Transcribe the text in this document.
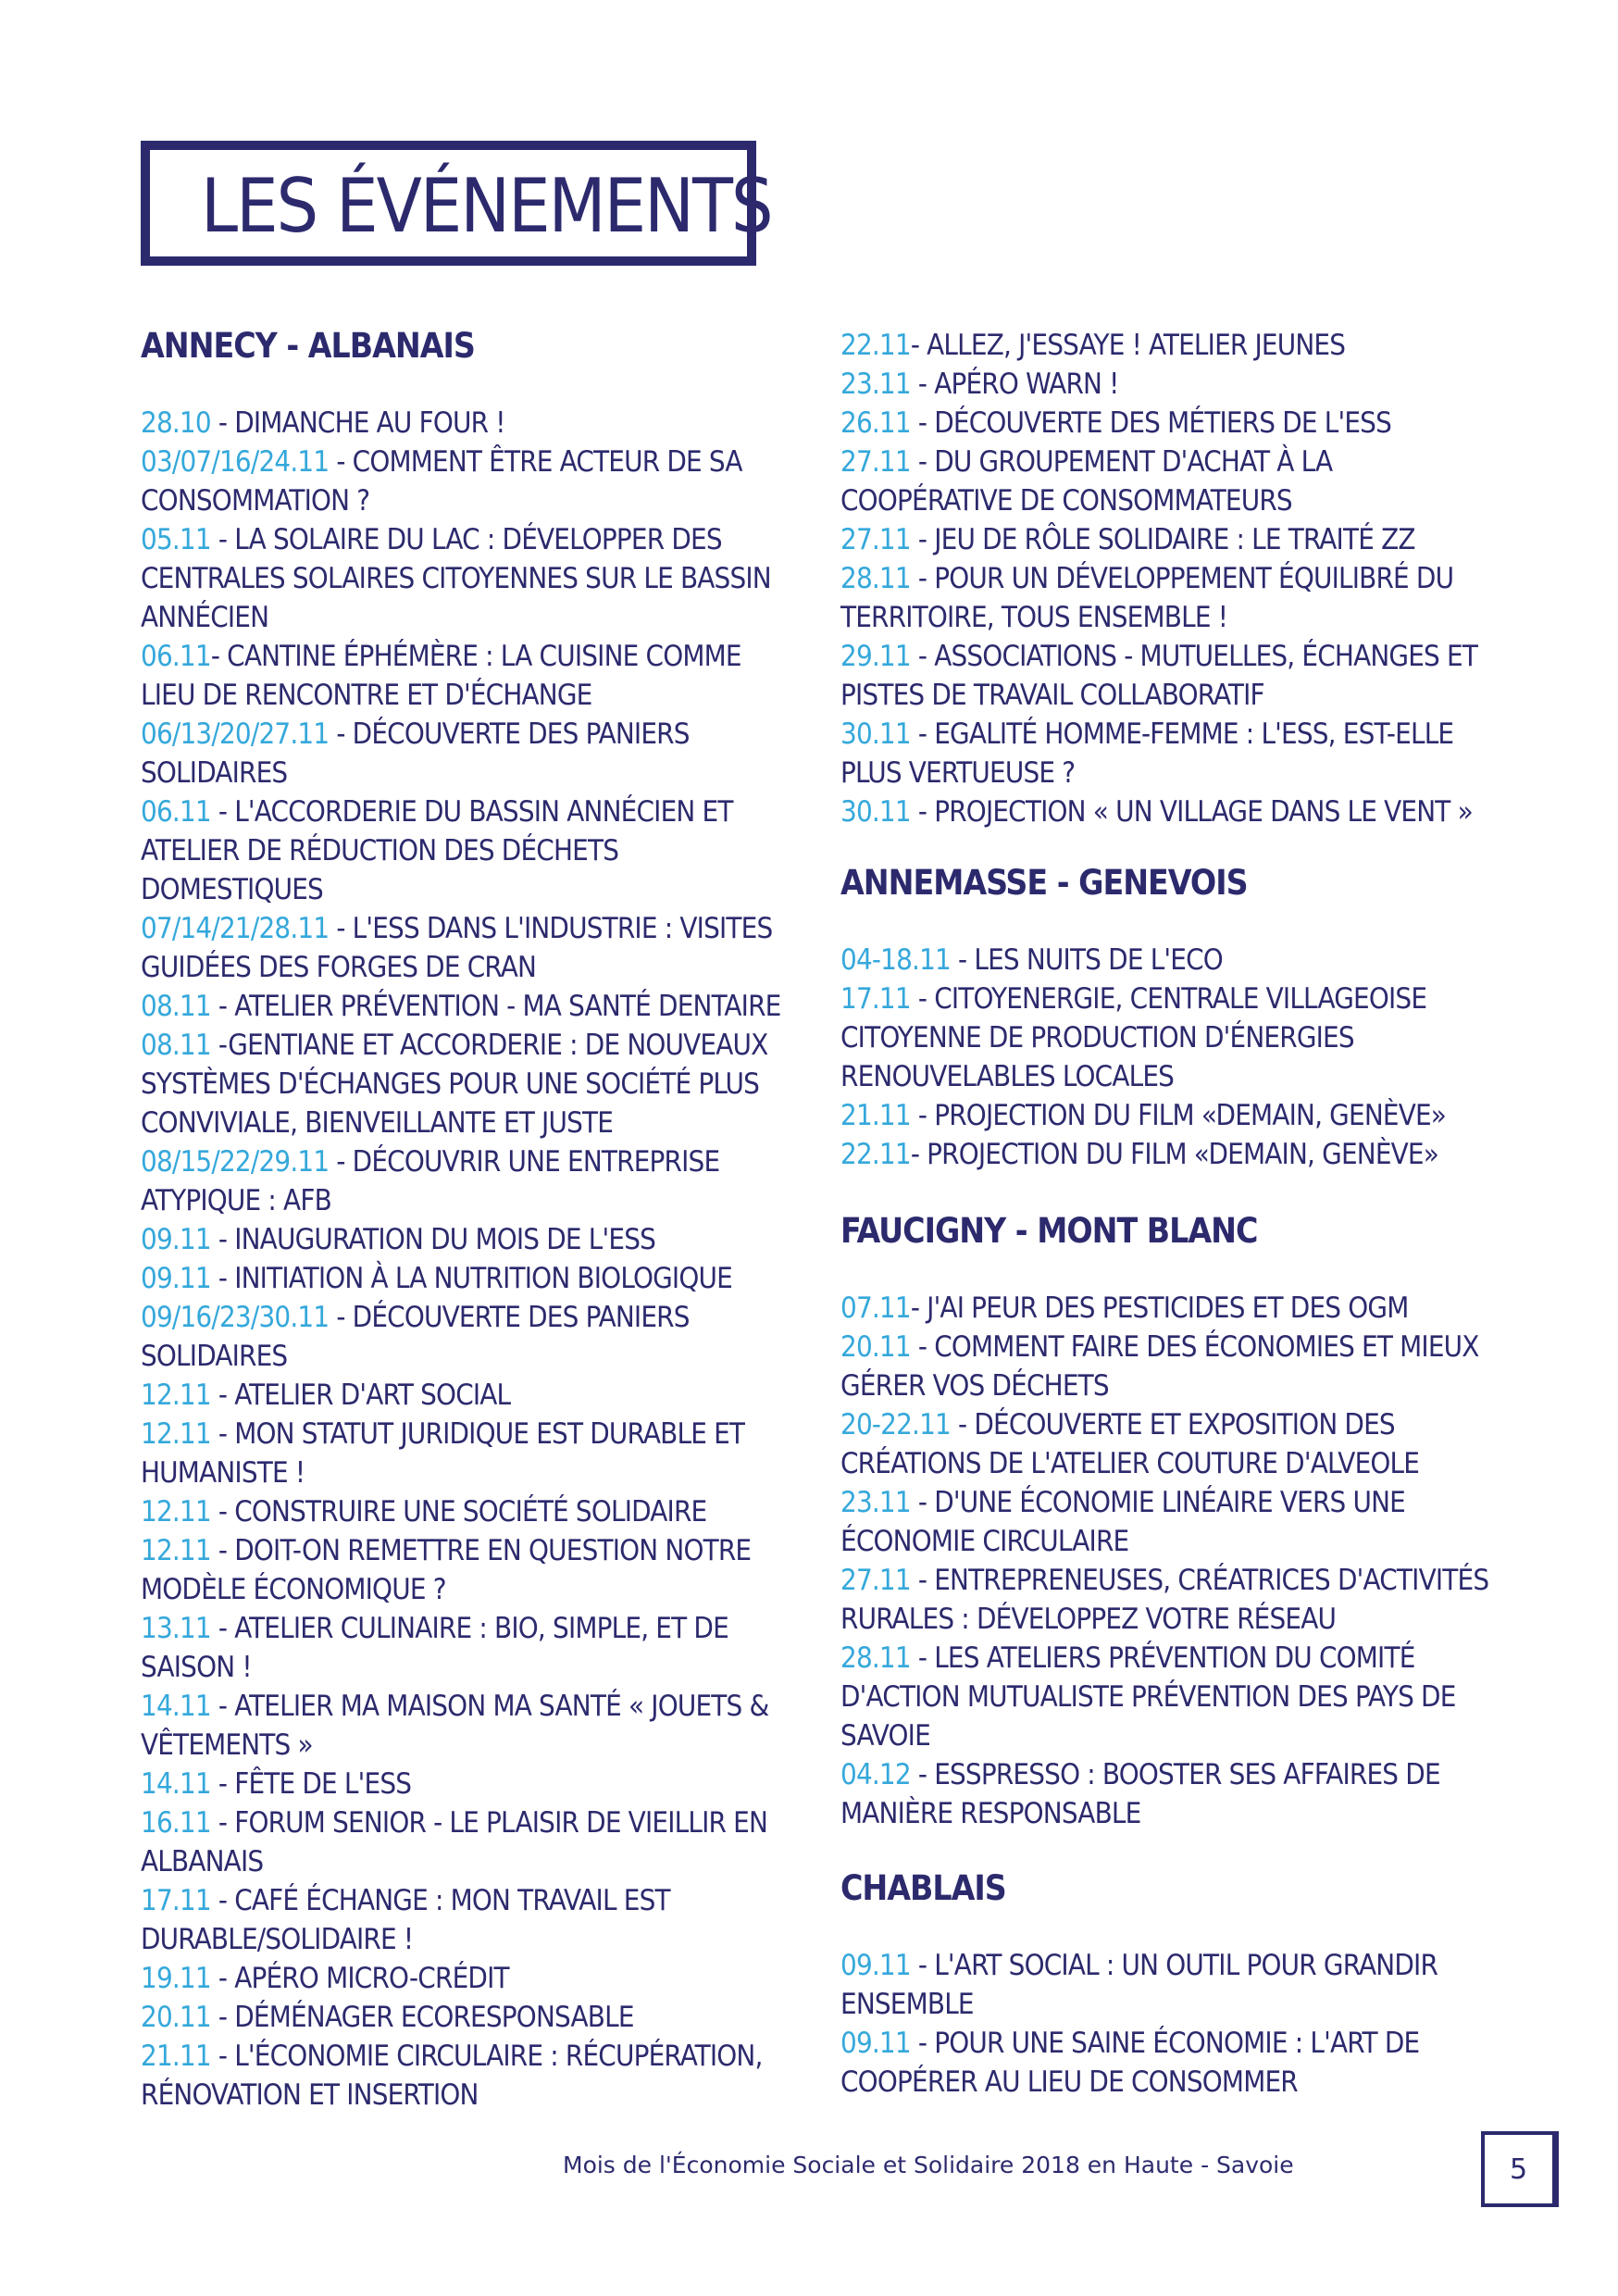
LES ÉVÉNEMENTS
ANNECY - ALBANAIS
28.10 - DIMANCHE AU FOUR !
03/07/16/24.11 - COMMENT ÊTRE ACTEUR DE SA CONSOMMATION ?
05.11 - LA SOLAIRE DU LAC : DÉVELOPPER DES CENTRALES SOLAIRES CITOYENNES SUR LE BASSIN ANNÉCIEN
06.11- CANTINE ÉPHÉMÈRE : LA CUISINE COMME LIEU DE RENCONTRE ET D'ÉCHANGE
06/13/20/27.11 - DÉCOUVERTE DES PANIERS SOLIDAIRES
06.11 - L'ACCORDERIE DU BASSIN ANNÉCIEN ET ATELIER DE RÉDUCTION DES DÉCHETS DOMESTIQUES
07/14/21/28.11 - L'ESS DANS L'INDUSTRIE : VISITES GUIDÉES DES FORGES DE CRAN
08.11 - ATELIER PRÉVENTION - MA SANTÉ DENTAIRE
08.11 -GENTIANE ET ACCORDERIE : DE NOUVEAUX SYSTÈMES D'ÉCHANGES POUR UNE SOCIÉTÉ PLUS CONVIVIALE, BIENVEILLANTE ET JUSTE
08/15/22/29.11 - DÉCOUVRIR UNE ENTREPRISE ATYPIQUE : AFB
09.11 - INAUGURATION DU MOIS DE L'ESS
09.11 - INITIATION À LA NUTRITION BIOLOGIQUE
09/16/23/30.11 - DÉCOUVERTE DES PANIERS SOLIDAIRES
12.11 - ATELIER D'ART SOCIAL
12.11 - MON STATUT JURIDIQUE EST DURABLE ET HUMANISTE !
12.11 - CONSTRUIRE UNE SOCIÉTÉ SOLIDAIRE
12.11 - DOIT-ON REMETTRE EN QUESTION NOTRE MODÈLE ÉCONOMIQUE ?
13.11 - ATELIER CULINAIRE : BIO, SIMPLE, ET DE SAISON !
14.11 - ATELIER MA MAISON MA SANTÉ « JOUETS & VÊTEMENTS »
14.11 - FÊTE DE L'ESS
16.11 - FORUM SENIOR - LE PLAISIR DE VIEILLIR EN ALBANAIS
17.11 - CAFÉ ÉCHANGE : MON TRAVAIL EST DURABLE/SOLIDAIRE !
19.11 - APÉRO MICRO-CRÉDIT
20.11 - DÉMÉNAGER ECORESPONSABLE
21.11 - L'ÉCONOMIE CIRCULAIRE : RÉCUPÉRATION, RÉNOVATION ET INSERTION
22.11- ALLEZ, J'ESSAYE ! ATELIER JEUNES
23.11 - APÉRO WARN !
26.11 - DÉCOUVERTE DES MÉTIERS DE L'ESS
27.11 - DU GROUPEMENT D'ACHAT À LA COOPÉRATIVE DE CONSOMMATEURS
27.11 - JEU DE RÔLE SOLIDAIRE : LE TRAITÉ ZZ
28.11 - POUR UN DÉVELOPPEMENT ÉQUILIBRÉ DU TERRITOIRE, TOUS ENSEMBLE !
29.11 - ASSOCIATIONS - MUTUELLES, ÉCHANGES ET PISTES DE TRAVAIL COLLABORATIF
30.11 - EGALITÉ HOMME-FEMME : L'ESS, EST-ELLE PLUS VERTUEUSE ?
30.11 - PROJECTION « UN VILLAGE DANS LE VENT »
ANNEMASSE - GENEVOIS
04-18.11 - LES NUITS DE L'ECO
17.11 - CITOYENERGIE, CENTRALE VILLAGEOISE CITOYENNE DE PRODUCTION D'ÉNERGIES RENOUVELABLES LOCALES
21.11 - PROJECTION DU FILM «DEMAIN, GENÈVE»
22.11- PROJECTION DU FILM «DEMAIN, GENÈVE»
FAUCIGNY - MONT BLANC
07.11- J'AI PEUR DES PESTICIDES ET DES OGM
20.11 - COMMENT FAIRE DES ÉCONOMIES ET MIEUX GÉRER VOS DÉCHETS
20-22.11 - DÉCOUVERTE ET EXPOSITION DES CRÉATIONS DE L'ATELIER COUTURE D'ALVEOLE
23.11 - D'UNE ÉCONOMIE LINÉAIRE VERS UNE ÉCONOMIE CIRCULAIRE
27.11 - ENTREPRENEUSES, CRÉATRICES D'ACTIVITÉS RURALES : DÉVELOPPEZ VOTRE RÉSEAU
28.11 - LES ATELIERS PRÉVENTION DU COMITÉ D'ACTION MUTUALISTE PRÉVENTION DES PAYS DE SAVOIE
04.12 - ESSPRESSO : BOOSTER SES AFFAIRES DE MANIÈRE RESPONSABLE
CHABLAIS
09.11 - L'ART SOCIAL : UN OUTIL POUR GRANDIR ENSEMBLE
09.11 - POUR UNE SAINE ÉCONOMIE : L'ART DE COOPÉRER AU LIEU DE CONSOMMER
Mois de l'Économie Sociale et Solidaire 2018 en Haute - Savoie	5
